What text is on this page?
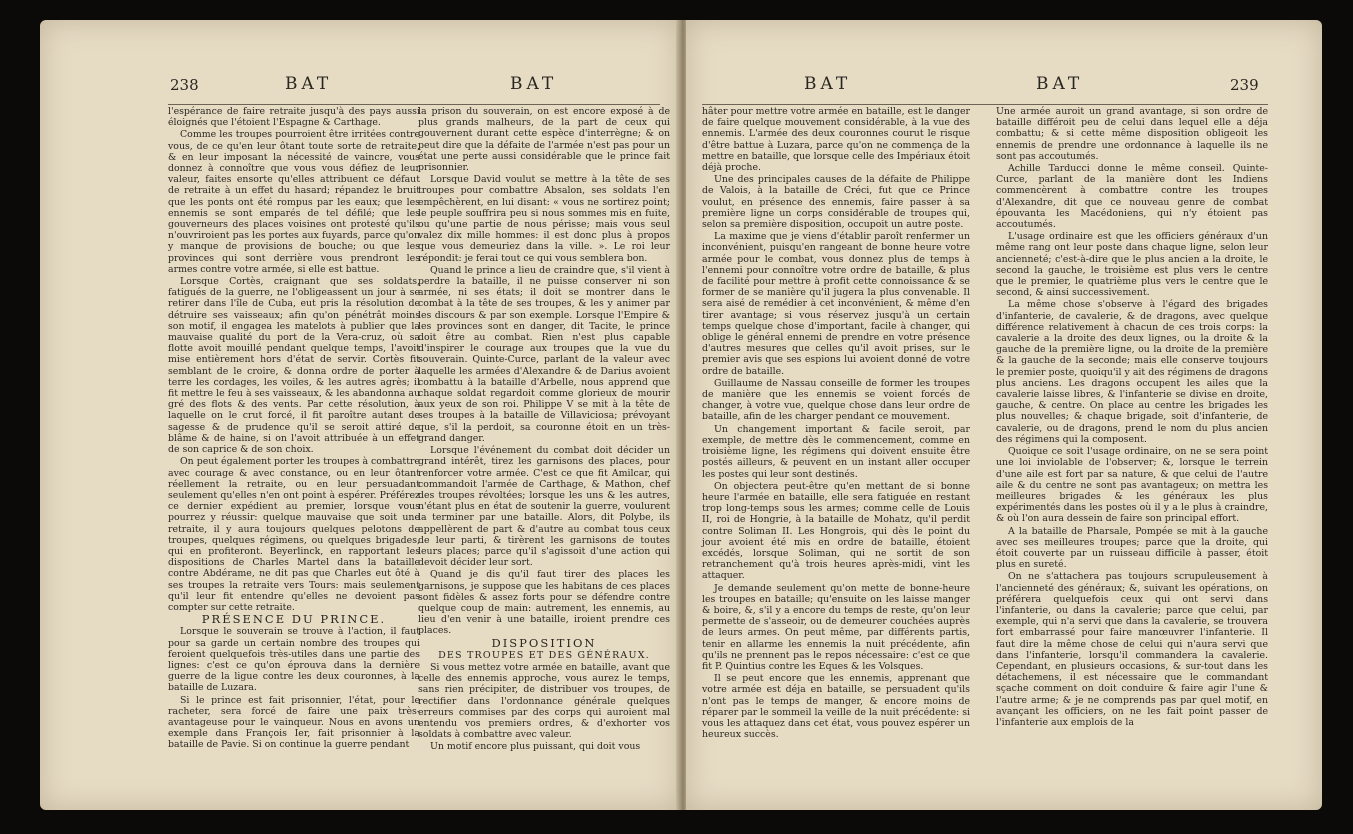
238	BAT	BAT

l'espérance de faire retraite jusqu'à des pays aussi éloignés que l'étoient l'Espagne & Carthage.

Comme les troupes pourroient être irritées contre vous, de ce qu'en leur ôtant toute sorte de retraite, & en leur imposant la nécessité de vaincre, vous donnez à connoître que vous vous défiez de leur valeur, faites ensorte qu'elles attribuent ce défaut de retraite à un effet du hasard; répandez le bruit que les ponts ont été rompus par les eaux; que les ennemis se sont emparés de tel défilé; que les gouverneurs des places voisines ont protesté qu'ils n'ouvriroient pas les portes aux fuyards, parce qu'on y manque de provisions de bouche; ou que les provinces qui sont derrière vous prendront les armes contre votre armée, si elle est battue.

Lorsque Cortès, craignant que ses soldats, fatigués de la guerre, ne l'obligeassent un jour à se retirer dans l'île de Cuba, eut pris la résolution de détruire ses vaisseaux; afin qu'on pénétrât moins son motif, il engagea les matelots à publier que la mauvaise qualité du port de la Vera-cruz, où sa flotte avoit mouillé pendant quelque temps, l'avoit mise entièrement hors d'état de servir. Cortès fit semblant de le croire, & donna ordre de porter à terre les cordages, les voiles, & les autres agrès; il fit mettre le feu à ses vaisseaux, & les abandonna au gré des flots & des vents. Par cette résolution, à laquelle on le crut forcé, il fit paroître autant de sagesse & de prudence qu'il se seroit attiré de blâme & de haine, si on l'avoit attribuée à un effet de son caprice & de son choix.

On peut également porter les troupes à combattre avec courage & avec constance, ou en leur ôtant réellement la retraite, ou en leur persuadant seulement qu'elles n'en ont point à espérer. Préférez ce dernier expédient au premier, lorsque vous pourrez y réussir: quelque mauvaise que soit une retraite, il y aura toujours quelques pelotons de troupes, quelques régimens, ou quelques brigades, qui en profiteront. Beyerlinck, en rapportant les dispositions de Charles Martel dans la bataille contre Abdérame, ne dit pas que Charles eut ôté à ses troupes la retraite vers Tours: mais seulement qu'il leur fit entendre qu'elles ne devoient pas compter sur cette retraite.

PRÉSENCE DU PRINCE.

Lorsque le souverain se trouve à l'action, il faut pour sa garde un certain nombre des troupes qui feroient quelquefois très-utiles dans une partie des lignes: c'est ce qu'on éprouva dans la dernière guerre de la ligue contre les deux couronnes, à la bataille de Luzara.

Si le prince est fait prisonnier, l'état, pour le racheter, sera forcé de faire une paix très-avantageuse pour le vainqueur. Nous en avons un exemple dans François Ier, fait prisonnier à la bataille de Pavie. Si on continue la guerre pendant

la prison du souverain, on est encore exposé à de plus grands malheurs, de la part de ceux qui gouvernent durant cette espèce d'interrègne; & on peut dire que la défaite de l'armée n'est pas pour un état une perte aussi considérable que le prince fait prisonnier.

Lorsque David voulut se mettre à la tête de ses troupes pour combattre Absalon, ses soldats l'en empêchèrent, en lui disant: « vous ne sortirez point; le peuple souffrira peu si nous sommes mis en fuite, ou qu'une partie de nous périsse; mais vous seul valez dix mille hommes: il est donc plus à propos que vous demeuriez dans la ville. ». Le roi leur répondit: je ferai tout ce qui vous semblera bon.

Quand le prince a lieu de craindre que, s'il vient à perdre la bataille, il ne puisse conserver ni son armée, ni ses états; il doit se montrer dans le combat à la tête de ses troupes, & les y animer par les discours & par son exemple. Lorsque l'Empire & les provinces sont en danger, dit Tacite, le prince doit être au combat. Rien n'est plus capable d'inspirer le courage aux troupes que la vue du souverain. Quinte-Curce, parlant de la valeur avec laquelle les armées d'Alexandre & de Darius avoient combattu à la bataille d'Arbelle, nous apprend que chaque soldat regardoit comme glorieux de mourir aux yeux de son roi. Philippe V se mit à la tête de ses troupes à la bataille de Villaviciosa; prévoyant que, s'il la perdoit, sa couronne étoit en un très-grand danger.

Lorsque l'événement du combat doit décider un grand intérêt, tirez les garnisons des places, pour renforcer votre armée. C'est ce que fit Amilcar, qui commandoit l'armée de Carthage, & Mathon, chef des troupes révoltées; lorsque les uns & les autres, n'étant plus en état de soutenir la guerre, voulurent la terminer par une bataille. Alors, dit Polybe, ils appellèrent de part & d'autre au combat tous ceux de leur parti, & tirèrent les garnisons de toutes leurs places; parce qu'il s'agissoit d'une action qui devoit décider leur sort.

Quand je dis qu'il faut tirer des places les garnisons, je suppose que les habitans de ces places sont fidèles & assez forts pour se défendre contre quelque coup de main: autrement, les ennemis, au lieu d'en venir à une bataille, iroient prendre ces places.

DISPOSITION

DES TROUPES ET DES GÉNÉRAUX.

Si vous mettez votre armée en bataille, avant que celle des ennemis approche, vous aurez le temps, sans rien précipiter, de distribuer vos troupes, de rectifier dans l'ordonnance générale quelques erreurs commises par des corps qui auroient mal entendu vos premiers ordres, & d'exhorter vos soldats à combattre avec valeur.

Un motif encore plus puissant, qui doit vous

BAT	BAT	239

hâter pour mettre votre armée en bataille, est le danger de faire quelque mouvement considérable, à la vue des ennemis. L'armée des deux couronnes courut le risque d'être battue à Luzara, parce qu'on ne commença de la mettre en bataille, que lorsque celle des Impériaux étoit déjà proche.

Une des principales causes de la défaite de Philippe de Valois, à la bataille de Créci, fut que ce Prince voulut, en présence des ennemis, faire passer à sa première ligne un corps considérable de troupes qui, selon sa première disposition, occupoit un autre poste.

La maxime que je viens d'établir paroît renfermer un inconvénient, puisqu'en rangeant de bonne heure votre armée pour le combat, vous donnez plus de temps à l'ennemi pour connoître votre ordre de bataille, & plus de facilité pour mettre à profit cette connoissance & se former de se manière qu'il jugera la plus convenable. Il sera aisé de remédier à cet inconvénient, & même d'en tirer avantage; si vous réservez jusqu'à un certain temps quelque chose d'important, facile à changer, qui oblige le général ennemi de prendre en votre présence d'autres mesures que celles qu'il avoit prises, sur le premier avis que ses espions lui avoient donné de votre ordre de bataille.

Guillaume de Nassau conseille de former les troupes de manière que les ennemis se voient forcés de changer, à votre vue, quelque chose dans leur ordre de bataille, afin de les charger pendant ce mouvement.

Un changement important & facile seroit, par exemple, de mettre dès le commencement, comme en troisième ligne, les régimens qui doivent ensuite être postés ailleurs, & peuvent en un instant aller occuper les postes qui leur sont destinés.

On objectera peut-être qu'en mettant de si bonne heure l'armée en bataille, elle sera fatiguée en restant trop long-temps sous les armes; comme celle de Louis II, roi de Hongrie, à la bataille de Mohatz, qu'il perdit contre Soliman II. Les Hongrois, qui dès le point du jour avoient été mis en ordre de bataille, étoient excédés, lorsque Soliman, qui ne sortit de son retranchement qu'à trois heures après-midi, vint les attaquer.

Je demande seulement qu'on mette de bonne-heure les troupes en bataille; qu'ensuite on les laisse manger & boire, &, s'il y a encore du temps de reste, qu'on leur permette de s'asseoir, ou de demeurer couchées auprès de leurs armes. On peut même, par différents partis, tenir en allarme les ennemis la nuit précédente, afin qu'ils ne prennent pas le repos nécessaire: c'est ce que fit P. Quintius contre les Eques & les Volsques.

Il se peut encore que les ennemis, apprenant que votre armée est déja en bataille, se persuadent qu'ils n'ont pas le temps de manger, & encore moins de réparer par le sommeil la veille de la nuit précédente: si vous les attaquez dans cet état, vous pouvez espérer un heureux succès.

Une armée auroit un grand avantage, si son ordre de bataille différoit peu de celui dans lequel elle a déja combattu; & si cette même disposition obligeoit les ennemis de prendre une ordonnance à laquelle ils ne sont pas accoutumés.

Achille Tarducci donne le même conseil. Quinte-Curce, parlant de la manière dont les Indiens commencèrent à combattre contre les troupes d'Alexandre, dit que ce nouveau genre de combat épouvanta les Macédoniens, qui n'y étoient pas accoutumés.

L'usage ordinaire est que les officiers généraux d'un même rang ont leur poste dans chaque ligne, selon leur ancienneté; c'est-à-dire que le plus ancien a la droite, le second la gauche, le troisième est plus vers le centre que le premier, le quatrième plus vers le centre que le second, & ainsi successivement.

La même chose s'observe à l'égard des brigades d'infanterie, de cavalerie, & de dragons, avec quelque différence relativement à chacun de ces trois corps: la cavalerie a la droite des deux lignes, ou la droite & la gauche de la première ligne, ou la droite de la première & la gauche de la seconde; mais elle conserve toujours le premier poste, quoiqu'il y ait des régimens de dragons plus anciens. Les dragons occupent les ailes que la cavalerie laisse libres, & l'infanterie se divise en droite, gauche, & centre. On place au centre les brigades les plus nouvelles; & chaque brigade, soit d'infanterie, de cavalerie, ou de dragons, prend le nom du plus ancien des régimens qui la composent.

Quoique ce soit l'usage ordinaire, on ne se sera point une loi inviolable de l'observer; &, lorsque le terrein d'une aile est fort par sa nature, & que celui de l'autre aile & du centre ne sont pas avantageux; on mettra les meilleures brigades & les généraux les plus expérimentés dans les postes où il y a le plus à craindre, & où l'on aura dessein de faire son principal effort.

A la bataille de Pharsale, Pompée se mit à la gauche avec ses meilleures troupes; parce que la droite, qui étoit couverte par un ruisseau difficile à passer, étoit plus en sureté.

On ne s'attachera pas toujours scrupuleusement à l'ancienneté des généraux; &, suivant les opérations, on préférera quelquefois ceux qui ont servi dans l'infanterie, ou dans la cavalerie; parce que celui, par exemple, qui n'a servi que dans la cavalerie, se trouvera fort embarrassé pour faire manœuvrer l'infanterie. Il faut dire la même chose de celui qui n'aura servi que dans l'infanterie, lorsqu'il commandera la cavalerie. Cependant, en plusieurs occasions, & sur-tout dans les détachemens, il est nécessaire que le commandant sçache comment on doit conduire & faire agir l'une & l'autre arme; & je ne comprends pas par quel motif, en avançant les officiers, on ne les fait point passer de l'infanterie aux emplois de la
